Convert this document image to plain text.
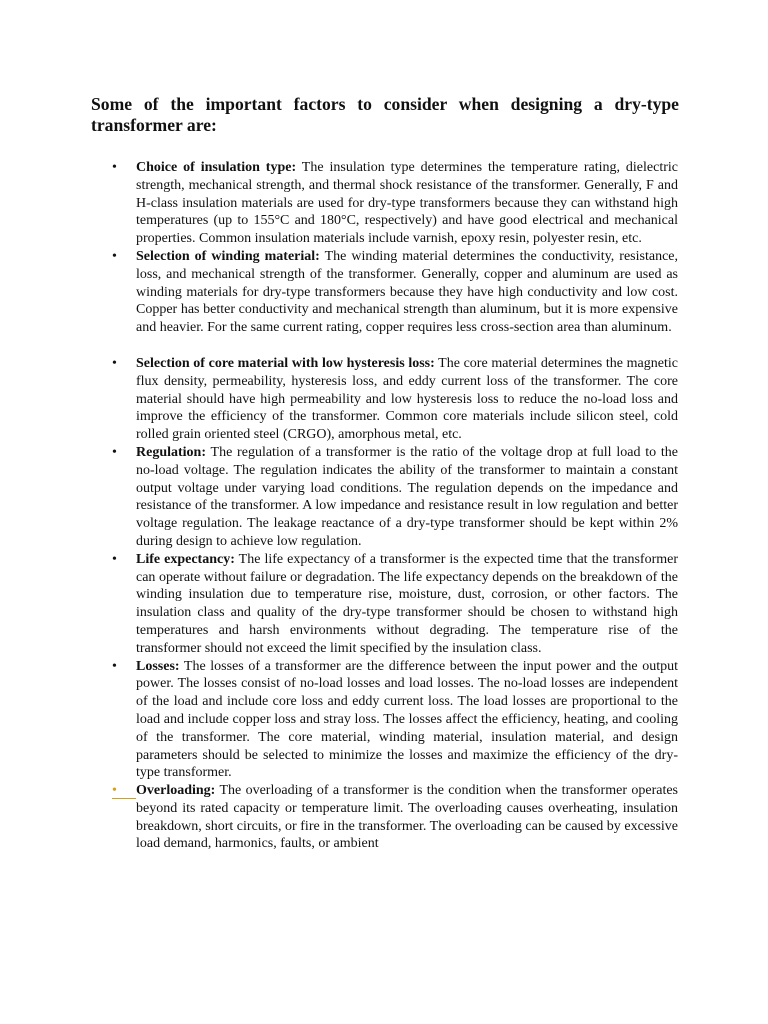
Some of the important factors to consider when designing a dry-type transformer are:
• Choice of insulation type: The insulation type determines the temperature rating, dielectric strength, mechanical strength, and thermal shock resistance of the transformer. Generally, F and H-class insulation materials are used for dry-type transformers because they can withstand high temperatures (up to 155°C and 180°C, respectively) and have good electrical and mechanical properties. Common insulation materials include varnish, epoxy resin, polyester resin, etc.
• Selection of winding material: The winding material determines the conductivity, resistance, loss, and mechanical strength of the transformer. Generally, copper and aluminum are used as winding materials for dry-type transformers because they have high conductivity and low cost. Copper has better conductivity and mechanical strength than aluminum, but it is more expensive and heavier. For the same current rating, copper requires less cross-section area than aluminum.
• Selection of core material with low hysteresis loss: The core material determines the magnetic flux density, permeability, hysteresis loss, and eddy current loss of the transformer. The core material should have high permeability and low hysteresis loss to reduce the no-load loss and improve the efficiency of the transformer. Common core materials include silicon steel, cold rolled grain oriented steel (CRGO), amorphous metal, etc.
• Regulation: The regulation of a transformer is the ratio of the voltage drop at full load to the no-load voltage. The regulation indicates the ability of the transformer to maintain a constant output voltage under varying load conditions. The regulation depends on the impedance and resistance of the transformer. A low impedance and resistance result in low regulation and better voltage regulation. The leakage reactance of a dry-type transformer should be kept within 2% during design to achieve low regulation.
• Life expectancy: The life expectancy of a transformer is the expected time that the transformer can operate without failure or degradation. The life expectancy depends on the breakdown of the winding insulation due to temperature rise, moisture, dust, corrosion, or other factors. The insulation class and quality of the dry-type transformer should be chosen to withstand high temperatures and harsh environments without degrading. The temperature rise of the transformer should not exceed the limit specified by the insulation class.
• Losses: The losses of a transformer are the difference between the input power and the output power. The losses consist of no-load losses and load losses. The no-load losses are independent of the load and include core loss and eddy current loss. The load losses are proportional to the load and include copper loss and stray loss. The losses affect the efficiency, heating, and cooling of the transformer. The core material, winding material, insulation material, and design parameters should be selected to minimize the losses and maximize the efficiency of the dry-type transformer.
• Overloading: The overloading of a transformer is the condition when the transformer operates beyond its rated capacity or temperature limit. The overloading causes overheating, insulation breakdown, short circuits, or fire in the transformer. The overloading can be caused by excessive load demand, harmonics, faults, or ambient
